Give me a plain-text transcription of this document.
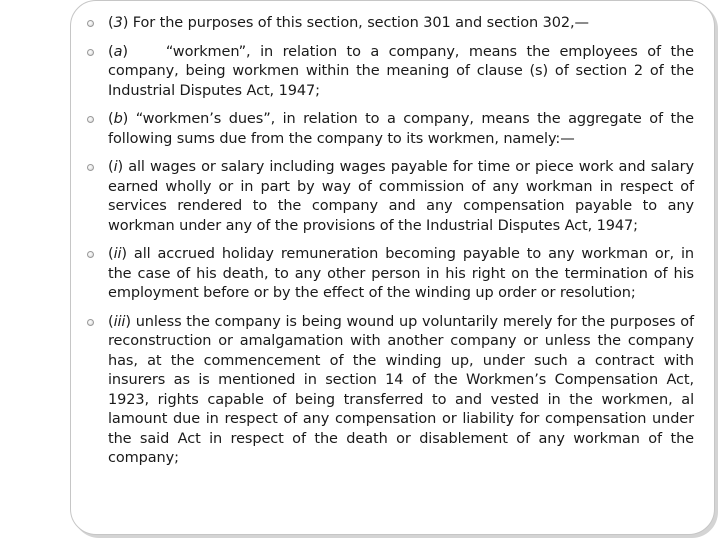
(3) For the purposes of this section, section 301 and section 302,—

(a)    “workmen”, in relation to a company, means the employees of the company, being workmen within the meaning of clause (s) of section 2 of the Industrial Disputes Act, 1947;

(b) “workmen’s dues”, in relation to a company, means the aggregate of the following sums due from the company to its workmen, namely:—

(i) all wages or salary including wages payable for time or piece work and salary earned wholly or in part by way of commission of any workman in respect of services rendered to the company and any compensation payable to any workman under any of the provisions of the Industrial Disputes Act, 1947;

(ii) all accrued holiday remuneration becoming payable to any workman or, in the case of his death, to any other person in his right on the termination of his employment before or by the effect of the winding up order or resolution;

(iii) unless the company is being wound up voluntarily merely for the purposes of reconstruction or amalgamation with another company or unless the company has, at the commencement of the winding up, under such a contract with insurers as is mentioned in section 14 of the Workmen’s Compensation Act, 1923, rights capable of being transferred to and vested in the workmen, al lamount due in respect of any compensation or liability for compensation under the said Act in respect of the death or disablement of any workman of the company;
